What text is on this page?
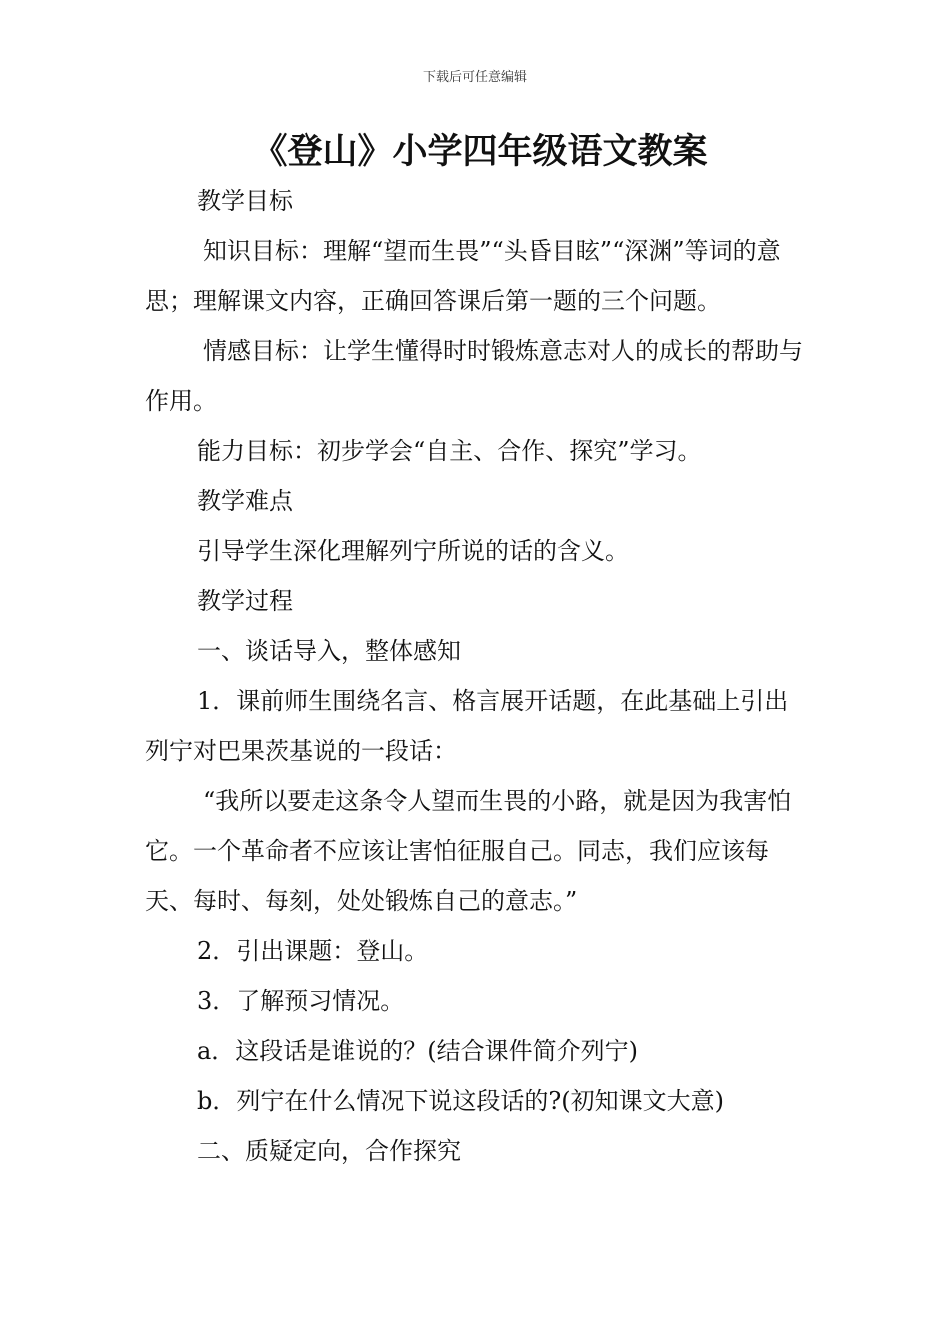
下载后可任意编辑
《登山》小学四年级语文教案

教学目标

知识目标：理解“望而生畏”“头昏目眩”“深渊”等词的意思；理解课文内容，正确回答课后第一题的三个问题。

情感目标：让学生懂得时时锻炼意志对人的成长的帮助与作用。

能力目标：初步学会“自主、合作、探究”学习。

教学难点

引导学生深化理解列宁所说的话的含义。

教学过程

一、谈话导入，整体感知

1．课前师生围绕名言、格言展开话题，在此基础上引出列宁对巴果茨基说的一段话：

“我所以要走这条令人望而生畏的小路，就是因为我害怕它。一个革命者不应该让害怕征服自己。同志，我们应该每天、每时、每刻，处处锻炼自己的意志。”

2．引出课题：登山。

3．了解预习情况。

a．这段话是谁说的？(结合课件简介列宁)

b．列宁在什么情况下说这段话的?(初知课文大意)

二、质疑定向，合作探究
